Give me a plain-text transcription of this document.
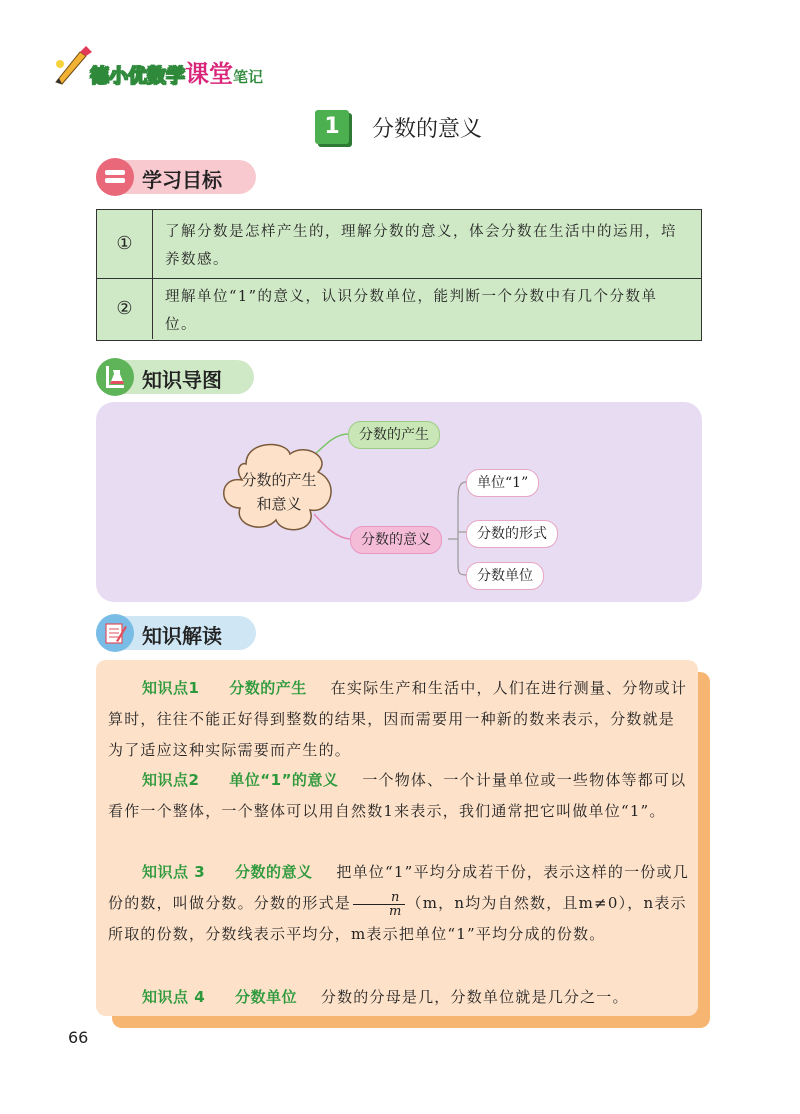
德小优数学课堂笔记
1	分数的意义
学习目标
①
了解分数是怎样产生的，理解分数的意义，体会分数在生活中的运用，培养数感。
②
理解单位“1”的意义，认识分数单位，能判断一个分数中有几个分数单位。
知识导图
分数的产生
和意义
分数的产生
分数的意义
单位“1”
分数的形式
分数单位
知识解读
知识点1 分数的产生 在实际生产和生活中，人们在进行测量、分物或计算时，往往不能正好得到整数的结果，因而需要用一种新的数来表示，分数就是为了适应这种实际需要而产生的。
知识点2 单位“1”的意义 一个物体、一个计量单位或一些物体等都可以看作一个整体，一个整体可以用自然数1来表示，我们通常把它叫做单位“1”。
知识点 3 分数的意义 把单位“1”平均分成若干份，表示这样的一份或几份的数，叫做分数。分数的形式是 $\frac{n}{m} (m$，n均为自然数，且m≠0），n表示所取的份数，分数线表示平均分，m表示把单位“1”平均分成的份数。
知识点 4 分数单位 分数的分母是几，分数单位就是几分之一。
66
